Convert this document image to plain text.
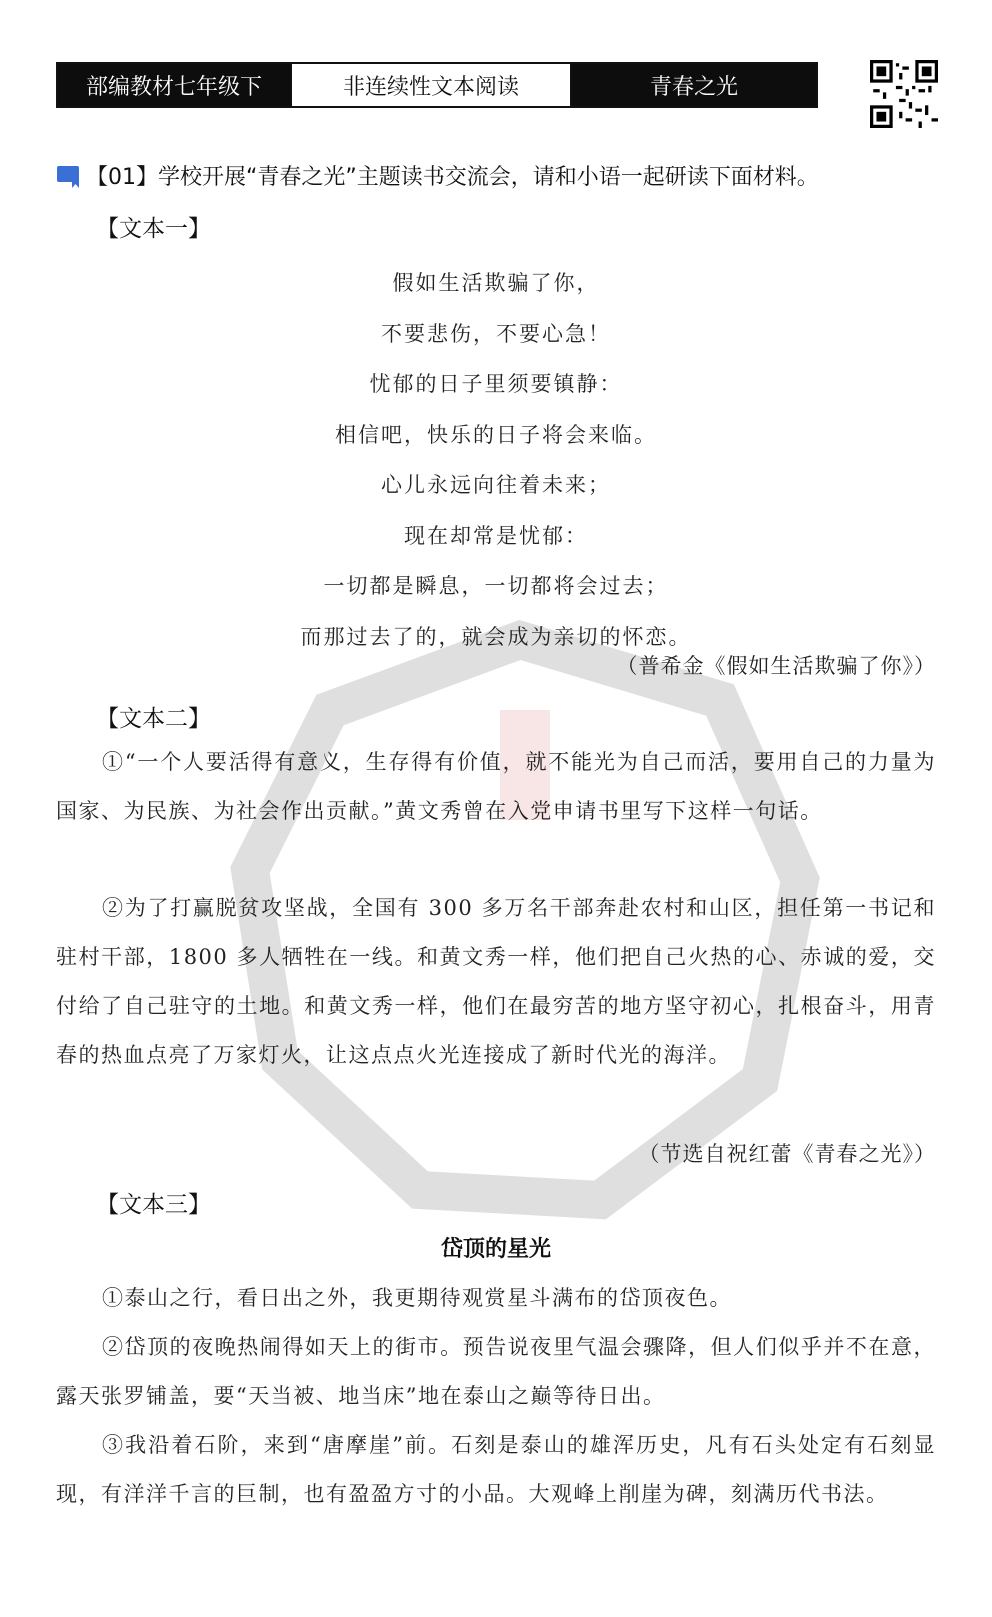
部编教材七年级下	非连续性文本阅读	青春之光
【01】学校开展“青春之光”主题读书交流会，请和小语一起研读下面材料。
【文本一】
假如生活欺骗了你，
不要悲伤，不要心急！
忧郁的日子里须要镇静：
相信吧，快乐的日子将会来临。
心儿永远向往着未来；
现在却常是忧郁：
一切都是瞬息，一切都将会过去；
而那过去了的，就会成为亲切的怀恋。
（普希金《假如生活欺骗了你》）
【文本二】

①“一个人要活得有意义，生存得有价值，就不能光为自己而活，要用自己的力量为国家、为民族、为社会作出贡献。”黄文秀曾在入党申请书里写下这样一句话。

②为了打赢脱贫攻坚战，全国有 300 多万名干部奔赴农村和山区，担任第一书记和驻村干部，1800 多人牺牲在一线。和黄文秀一样，他们把自己火热的心、赤诚的爱，交付给了自己驻守的土地。和黄文秀一样，他们在最穷苦的地方坚守初心，扎根奋斗，用青春的热血点亮了万家灯火，让这点点火光连接成了新时代光的海洋。

（节选自祝红蕾《青春之光》）
【文本三】
岱顶的星光

①泰山之行，看日出之外，我更期待观赏星斗满布的岱顶夜色。

②岱顶的夜晚热闹得如天上的街市。预告说夜里气温会骤降，但人们似乎并不在意，露天张罗铺盖，要“天当被、地当床”地在泰山之巅等待日出。

③我沿着石阶，来到“唐摩崖”前。石刻是泰山的雄浑历史，凡有石头处定有石刻显现，有洋洋千言的巨制，也有盈盈方寸的小品。大观峰上削崖为碑，刻满历代书法。
